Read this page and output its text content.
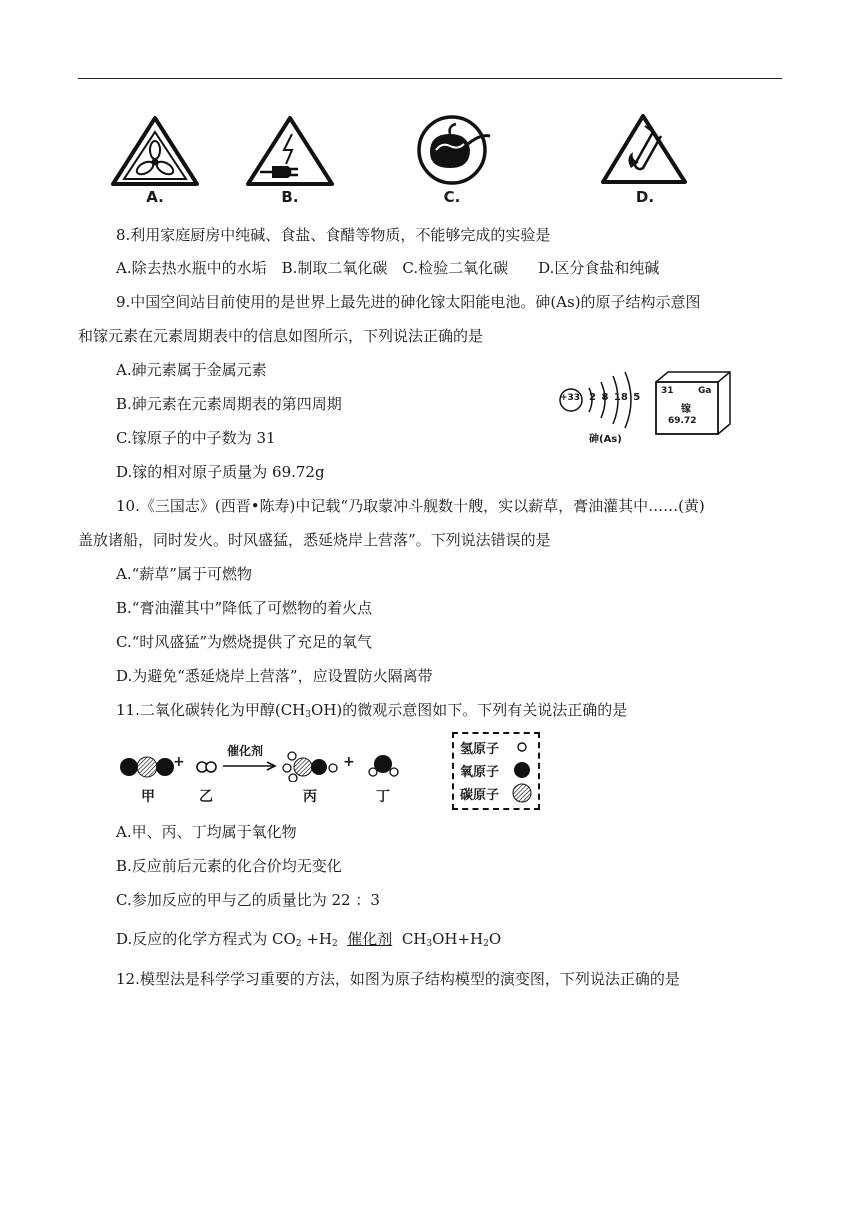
A.	B.	C.	D.
8.利用家庭厨房中纯碱、食盐、食醋等物质，不能够完成的实验是
A.除去热水瓶中的水垢　B.制取二氧化碳　C.检验二氧化碳　　D.区分食盐和纯碱
9.中国空间站目前使用的是世界上最先进的砷化镓太阳能电池。砷(As)的原子结构示意图
和镓元素在元素周期表中的信息如图所示，下列说法正确的是
A.砷元素属于金属元素
B.砷元素在元素周期表的第四周期
C.镓原子的中子数为 31
D.镓的相对原子质量为 69.72g
+33 2 8 18 5
砷(As)
31	Ga
镓
69.72
10.《三国志》(西晋•陈寿)中记载“乃取蒙冲斗舰数十艘，实以薪草，膏油灌其中……(黄)
盖放诸船，同时发火。时风盛猛，悉延烧岸上营落”。下列说法错误的是
A.“薪草”属于可燃物
B.“膏油灌其中”降低了可燃物的着火点
C.“时风盛猛”为燃烧提供了充足的氧气
D.为避免“悉延烧岸上营落”，应设置防火隔离带
11.二氧化碳转化为甲醇$(CH_3OH)$的微观示意图如下。下列有关说法正确的是
+
催化剂
+
甲	乙	丙	丁
氢原子
氧原子
碳原子
A.甲、丙、丁均属于氧化物
B.反应前后元素的化合价均无变化
C.参加反应的甲与乙的质量比为 22 ：3
D.反应的化学方程式为 $CO_2 +H_2$ 催化剂 $CH_3OH+H_2O$
12.模型法是科学学习重要的方法，如图为原子结构模型的演变图，下列说法正确的是
